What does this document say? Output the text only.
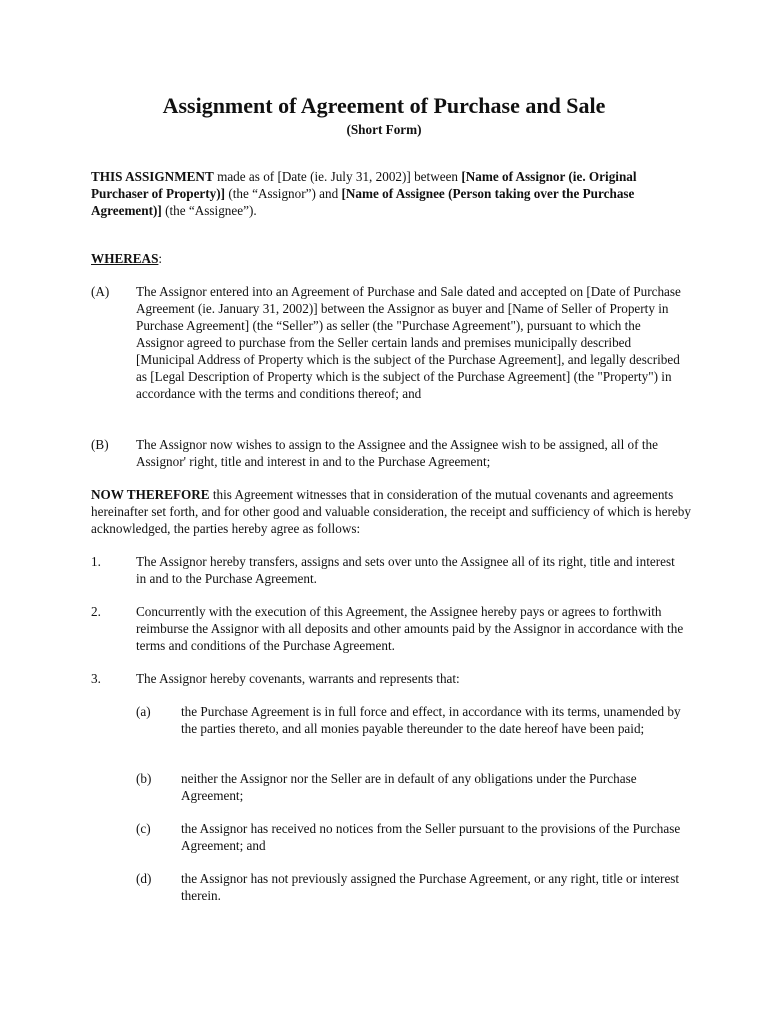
Assignment of Agreement of Purchase and Sale
(Short Form)

THIS ASSIGNMENT made as of [Date (ie. July 31, 2002)] between [Name of Assignor (ie. Original Purchaser of Property)] (the “Assignor”) and [Name of Assignee (Person taking over the Purchase Agreement)] (the “Assignee”).

WHEREAS:

(A) The Assignor entered into an Agreement of Purchase and Sale dated and accepted on [Date of Purchase Agreement (ie. January 31, 2002)] between the Assignor as buyer and [Name of Seller of Property in Purchase Agreement] (the “Seller”) as seller (the "Purchase Agreement"), pursuant to which the Assignor agreed to purchase from the Seller certain lands and premises municipally described [Municipal Address of Property which is the subject of the Purchase Agreement], and legally described as [Legal Description of Property which is the subject of the Purchase Agreement] (the "Property") in accordance with the terms and conditions thereof; and
(B) The Assignor now wishes to assign to the Assignee and the Assignee wish to be assigned, all of the Assignor' right, title and interest in and to the Purchase Agreement;

NOW THEREFORE this Agreement witnesses that in consideration of the mutual covenants and agreements hereinafter set forth, and for other good and valuable consideration, the receipt and sufficiency of which is hereby acknowledged, the parties hereby agree as follows:

1.	The Assignor hereby transfers, assigns and sets over unto the Assignee all of its right, title and interest in and to the Purchase Agreement.
2.	Concurrently with the execution of this Agreement, the Assignee hereby pays or agrees to forthwith reimburse the Assignor with all deposits and other amounts paid by the Assignor in accordance with the terms and conditions of the Purchase Agreement.
3.	The Assignor hereby covenants, warrants and represents that:
(a) the Purchase Agreement is in full force and effect, in accordance with its terms, unamended by the parties thereto, and all monies payable thereunder to the date hereof have been paid;
(b) neither the Assignor nor the Seller are in default of any obligations under the Purchase Agreement;
(c) the Assignor has received no notices from the Seller pursuant to the provisions of the Purchase Agreement; and
(d) the Assignor has not previously assigned the Purchase Agreement, or any right, title or interest therein.
